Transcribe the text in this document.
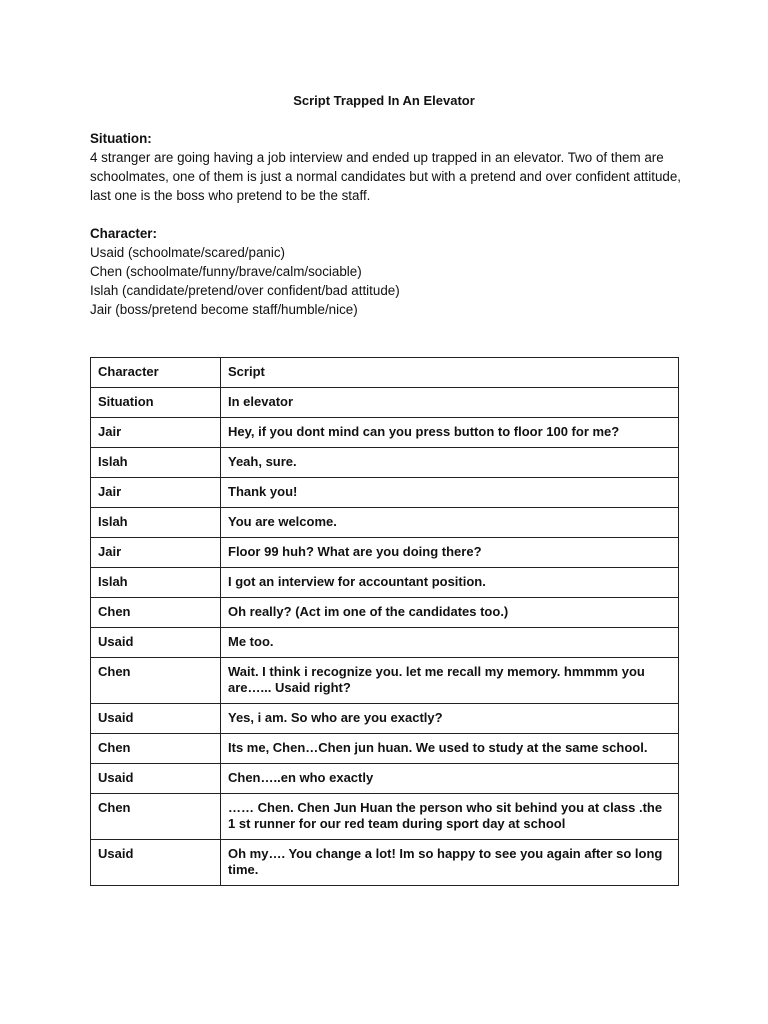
Script Trapped In An Elevator
Situation:

4 stranger are going having a job interview and ended up trapped in an elevator. Two of them are schoolmates, one of them is just a normal candidates but with a pretend and over confident attitude, last one is the boss who pretend to be the staff.

Character:
Usaid (schoolmate/scared/panic)
Chen (schoolmate/funny/brave/calm/sociable)
Islah (candidate/pretend/over confident/bad attitude)
Jair (boss/pretend become staff/humble/nice)
Character	Script
Situation	In elevator
Jair	Hey, if you dont mind can you press button to floor 100 for me?
Islah	Yeah, sure.
Jair	Thank you!
Islah	You are welcome.
Jair	Floor 99 huh? What are you doing there?
Islah	I got an interview for accountant position.
Chen	Oh really? (Act im one of the candidates too.)
Usaid	Me too.
Chen	Wait. I think i recognize you. let me recall my memory. hmmmm you are…... Usaid right?
Usaid	Yes, i am. So who are you exactly?
Chen	Its me, Chen…Chen jun huan. We used to study at the same school.
Usaid	Chen…..en who exactly
Chen	…… Chen. Chen Jun Huan the person who sit behind you at class .the 1 st runner for our red team during sport day at school
Usaid	Oh my…. You change a lot! Im so happy to see you again after so long time.
